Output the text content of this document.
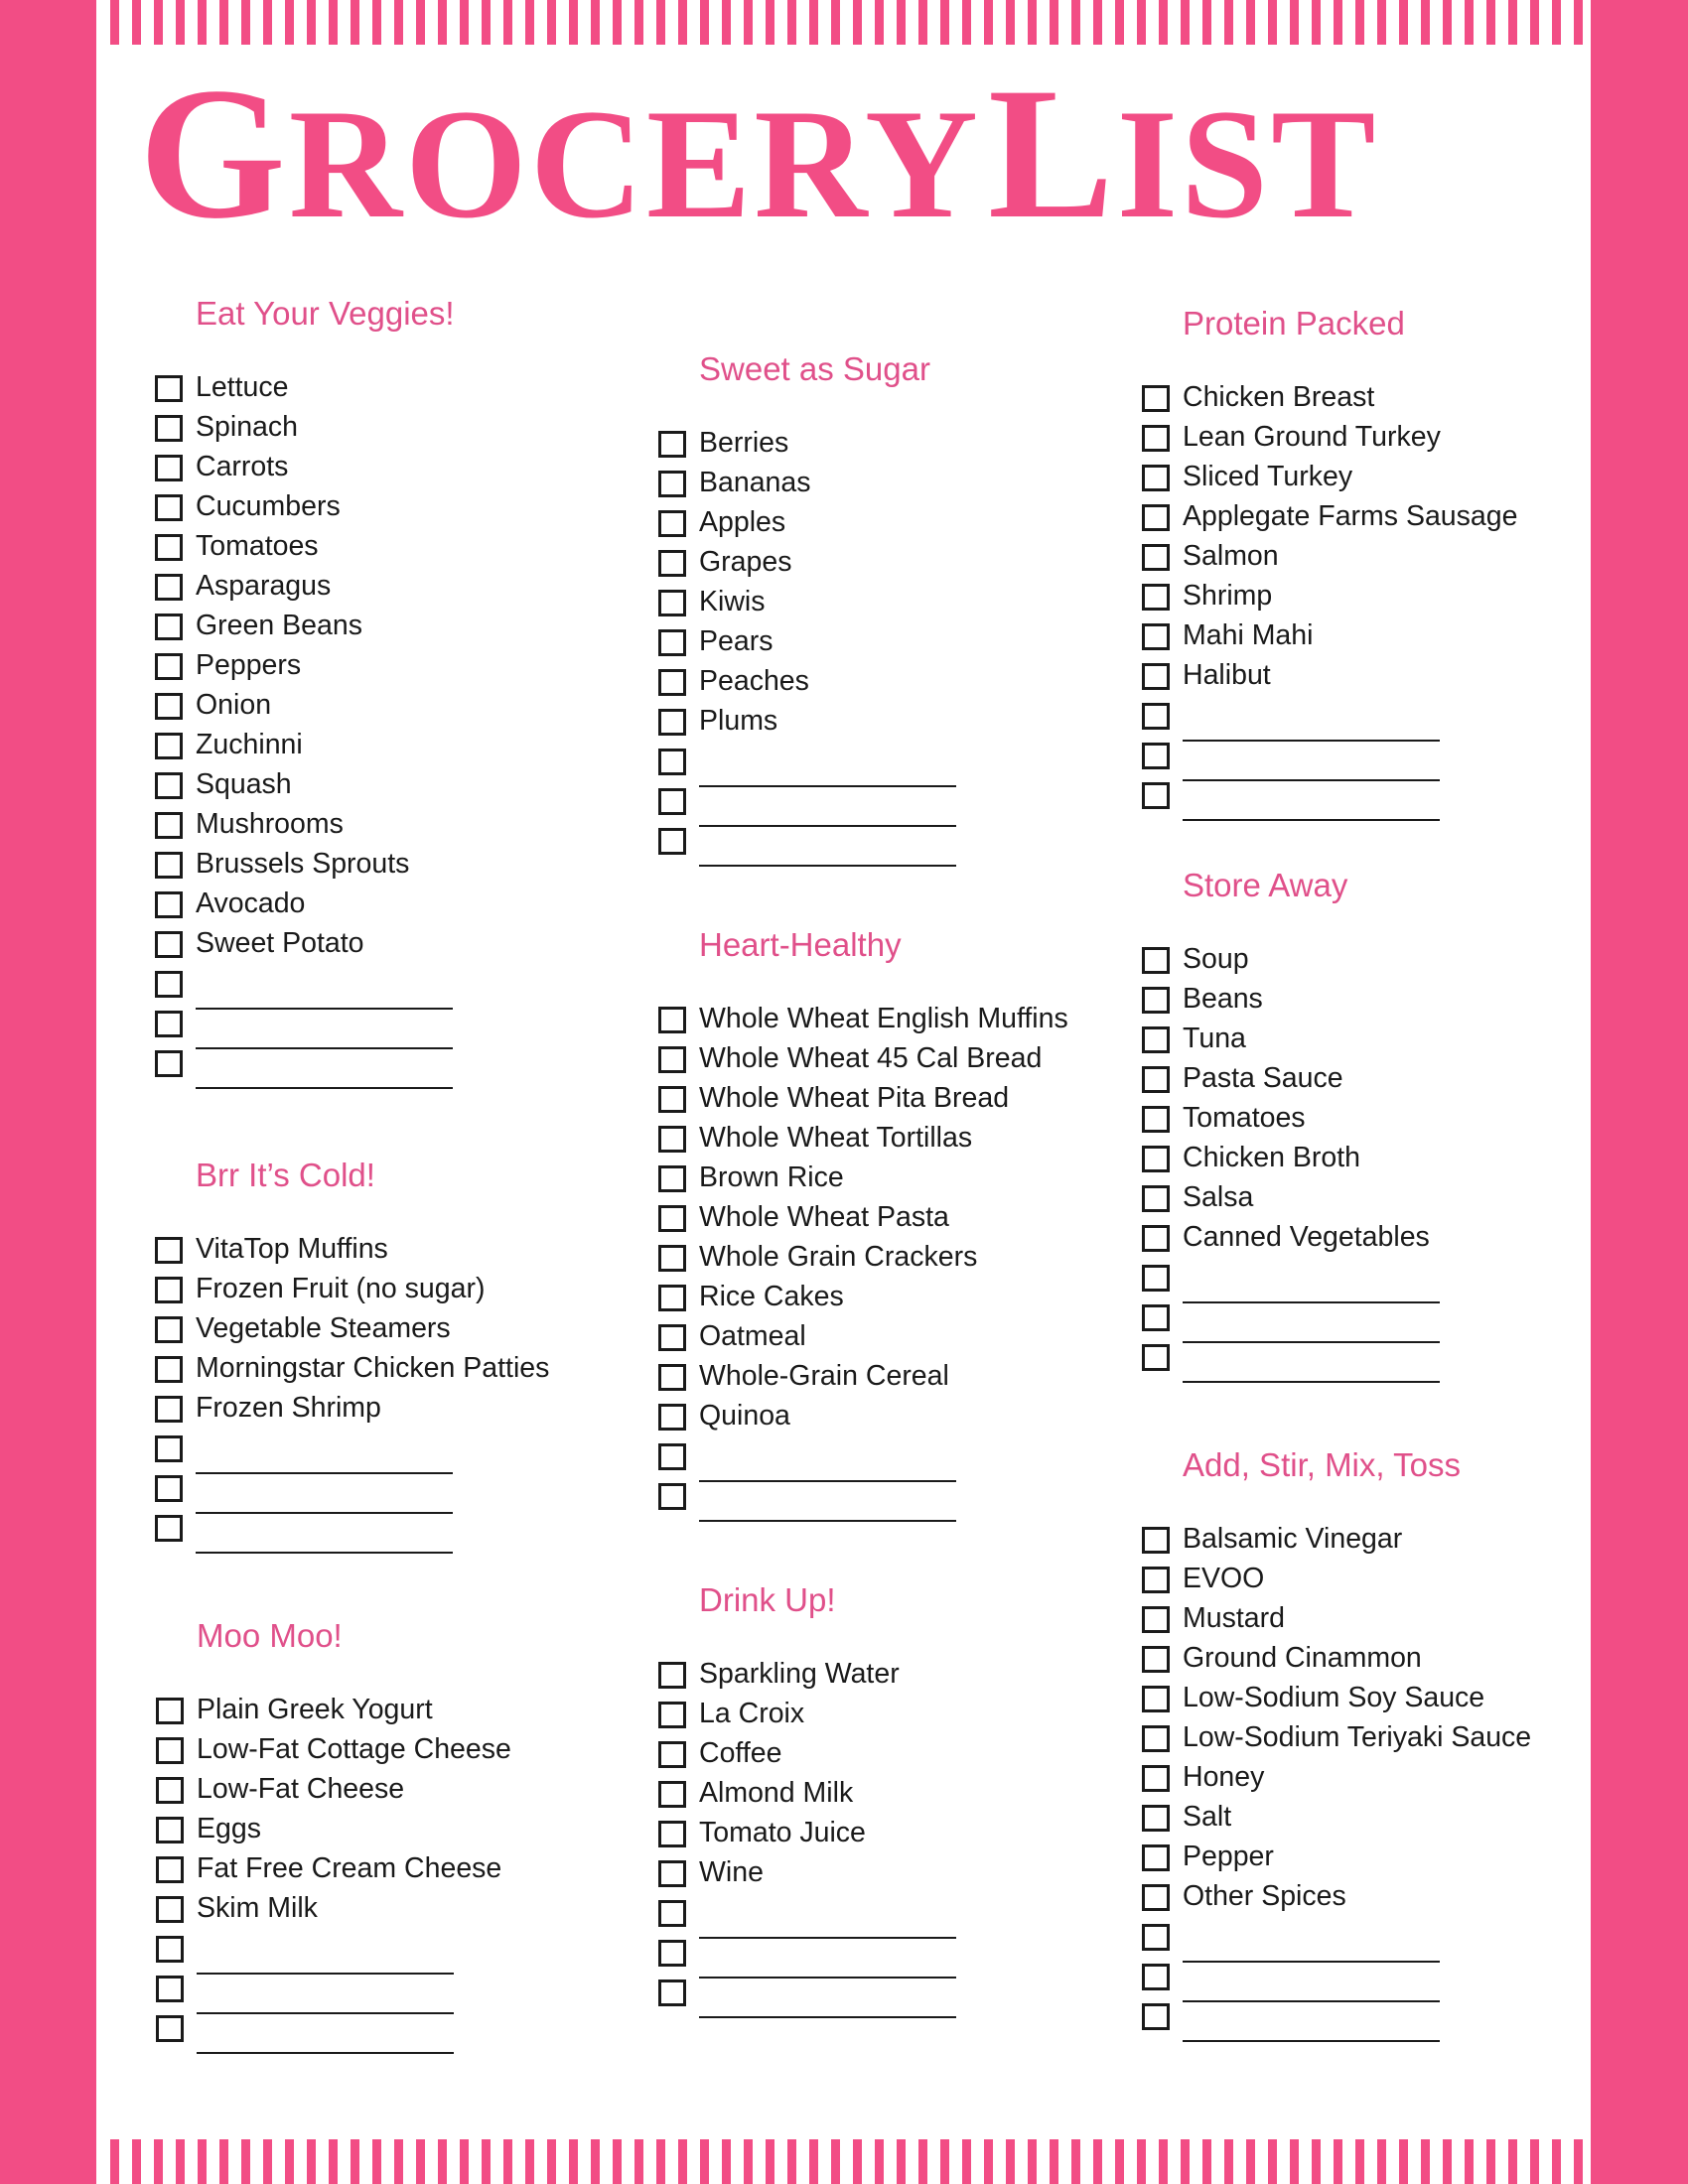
GROCERY LIST
Eat Your Veggies!
Lettuce
Spinach
Carrots
Cucumbers
Tomatoes
Asparagus
Green Beans
Peppers
Onion
Zuchinni
Squash
Mushrooms
Brussels Sprouts
Avocado
Sweet Potato
Brr It’s Cold!
VitaTop Muffins
Frozen Fruit (no sugar)
Vegetable Steamers
Morningstar Chicken Patties
Frozen Shrimp
Moo Moo!
Plain Greek Yogurt
Low-Fat Cottage Cheese
Low-Fat Cheese
Eggs
Fat Free Cream Cheese
Skim Milk
Sweet as Sugar
Berries
Bananas
Apples
Grapes
Kiwis
Pears
Peaches
Plums
Heart-Healthy
Whole Wheat English Muffins
Whole Wheat 45 Cal Bread
Whole Wheat Pita Bread
Whole Wheat Tortillas
Brown Rice
Whole Wheat Pasta
Whole Grain Crackers
Rice Cakes
Oatmeal
Whole-Grain Cereal
Quinoa
Drink Up!
Sparkling Water
La Croix
Coffee
Almond Milk
Tomato Juice
Wine
Protein Packed
Chicken Breast
Lean Ground Turkey
Sliced Turkey
Applegate Farms Sausage
Salmon
Shrimp
Mahi Mahi
Halibut
Store Away
Soup
Beans
Tuna
Pasta Sauce
Tomatoes
Chicken Broth
Salsa
Canned Vegetables
Add, Stir, Mix, Toss
Balsamic Vinegar
EVOO
Mustard
Ground Cinammon
Low-Sodium Soy Sauce
Low-Sodium Teriyaki Sauce
Honey
Salt
Pepper
Other Spices
